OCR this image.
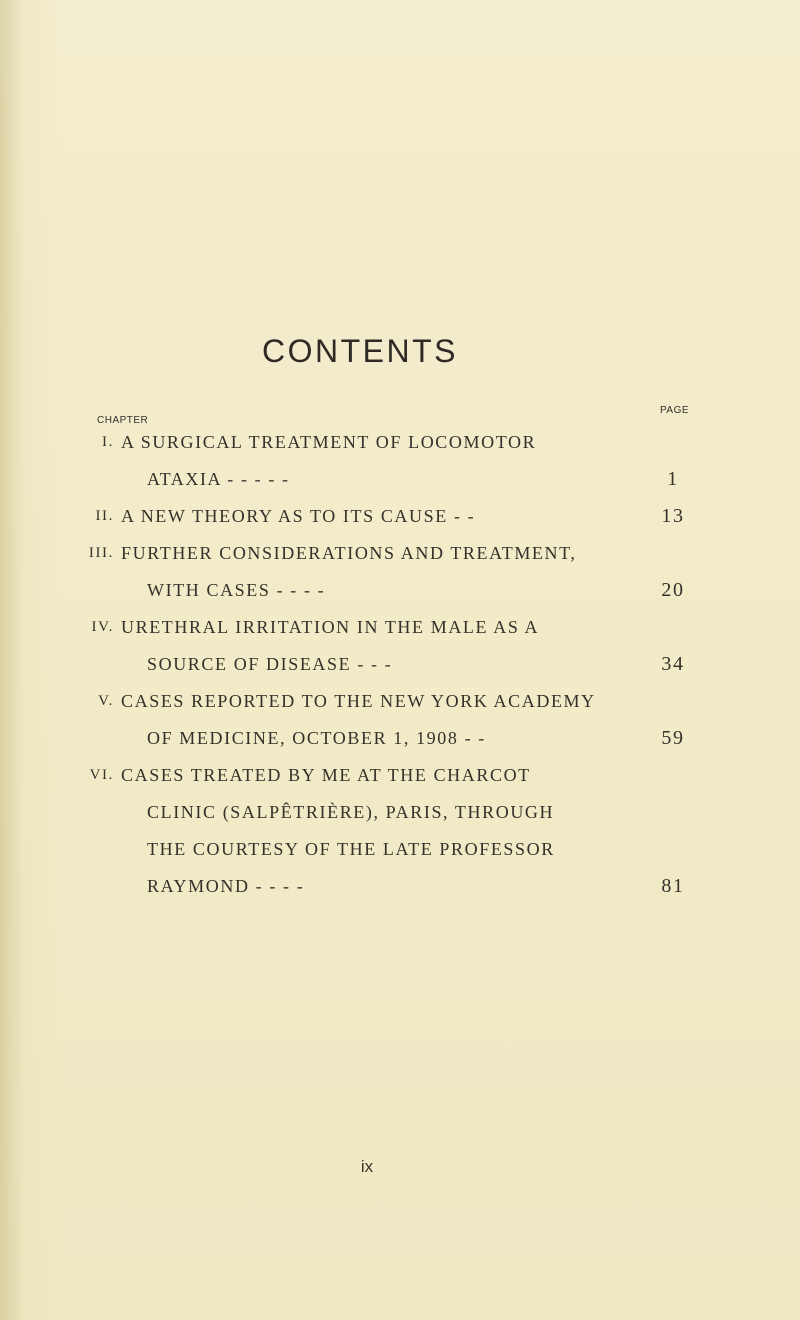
CONTENTS
CHAPTER
PAGE
I. A SURGICAL TREATMENT OF LOCOMOTOR
ATAXIA - - - - -	1
II. A NEW THEORY AS TO ITS CAUSE - -	13
III. FURTHER CONSIDERATIONS AND TREATMENT,
WITH CASES - - - -	20
IV. URETHRAL IRRITATION IN THE MALE AS A
SOURCE OF DISEASE - - -	34
V. CASES REPORTED TO THE NEW YORK ACADEMY
OF MEDICINE, OCTOBER 1, 1908 - -	59
VI. CASES TREATED BY ME AT THE CHARCOT
CLINIC (SALPÊTRIÈRE), PARIS, THROUGH
THE COURTESY OF THE LATE PROFESSOR
RAYMOND - - - -	81
ix
